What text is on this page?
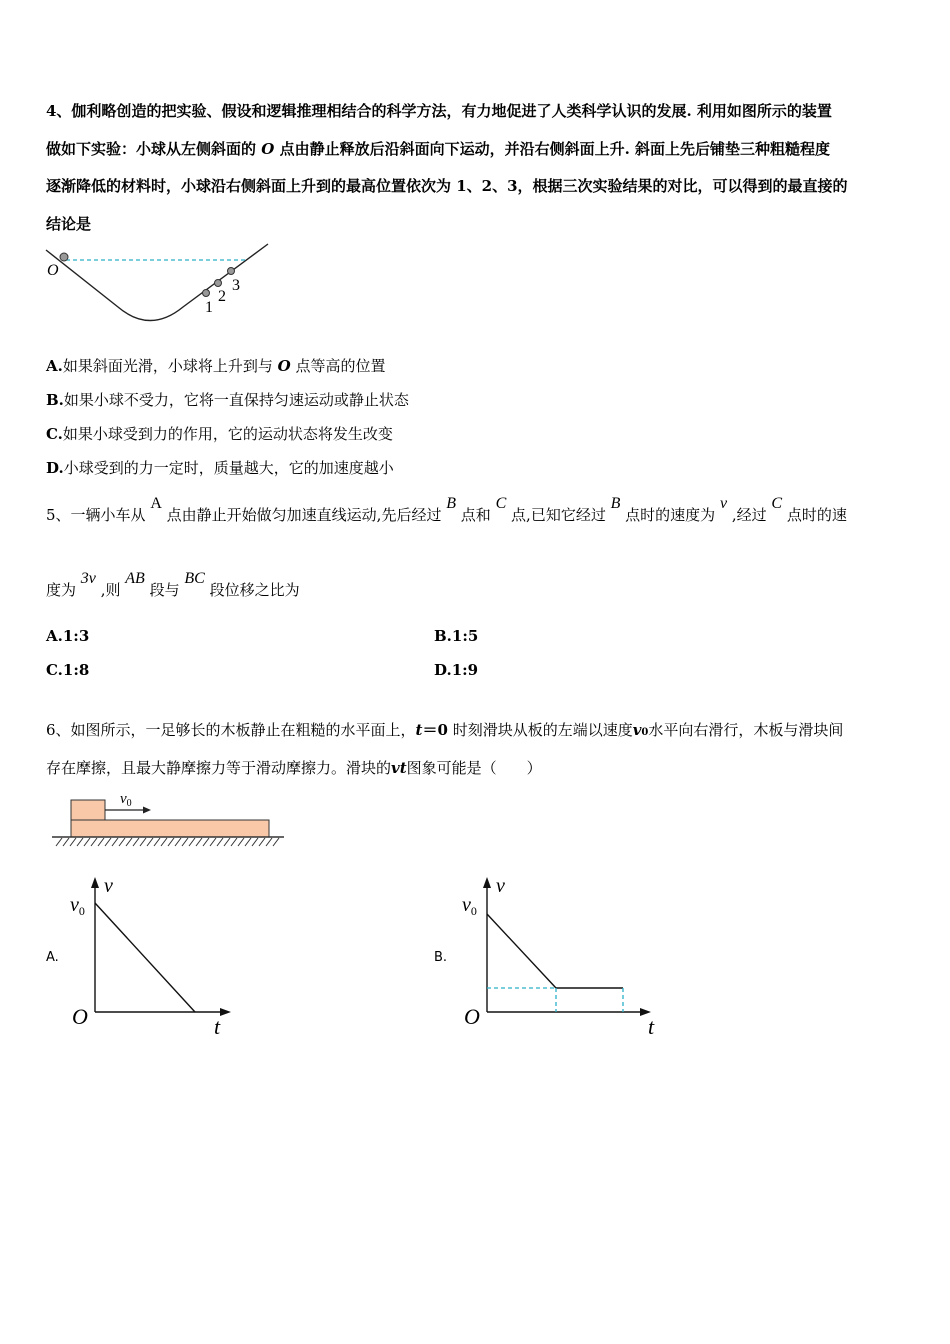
4、伽利略创造的把实验、假设和逻辑推理相结合的科学方法，有力地促进了人类科学认识的发展. 利用如图所示的装置
做如下实验：小球从左侧斜面的 O 点由静止释放后沿斜面向下运动，并沿右侧斜面上升. 斜面上先后铺垫三种粗糙程度
逐渐降低的材料时，小球沿右侧斜面上升到的最高位置依次为 1、2、3，根据三次实验结果的对比，可以得到的最直接的
结论是
O
1
2
3
A.如果斜面光滑，小球将上升到与 O 点等高的位置
B.如果小球不受力，它将一直保持匀速运动或静止状态
C.如果小球受到力的作用，它的运动状态将发生改变
D.小球受到的力一定时，质量越大，它的加速度越小
5、一辆小车从 A 点由静止开始做匀加速直线运动,先后经过 B 点和 C 点,已知它经过 B 点时的速度为 v ,经过 C 点时的速
度为 3v ,则 AB 段与 BC 段位移之比为
A.1:3	B.1:5
C.1:8	D.1:9
6、如图所示，一足够长的木板静止在粗糙的水平面上，t＝0 时刻滑块从板的左端以速度v0水平向右滑行，木板与滑块间
存在摩擦，且最大静摩擦力等于滑动摩擦力。滑块的vt图象可能是（　　）
$v_0$
A.
v
$v_0$
O	t
B.
v
$v_0$
O	t
